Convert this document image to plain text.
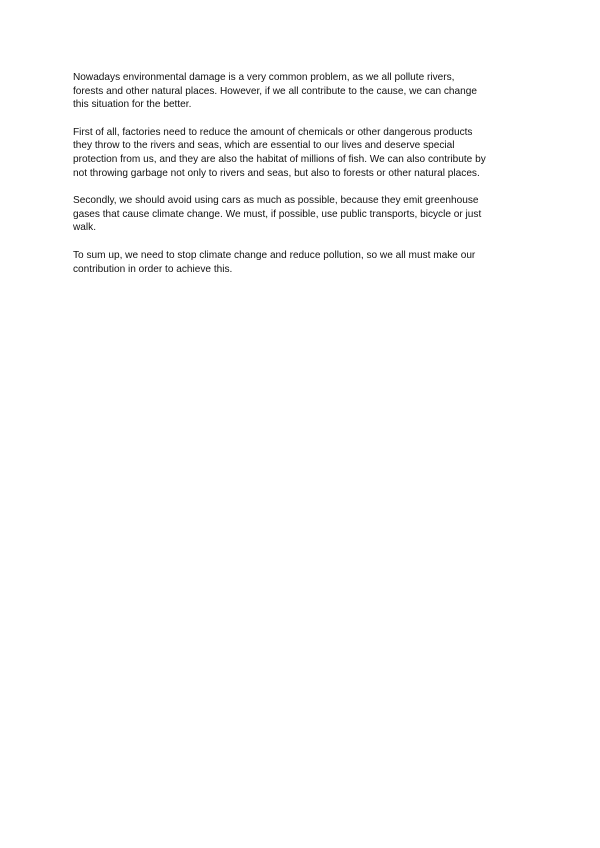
Nowadays environmental damage is a very common problem, as we all pollute rivers,
forests and other natural places. However, if we all contribute to the cause, we can change
this situation for the better.

First of all, factories need to reduce the amount of chemicals or other dangerous products
they throw to the rivers and seas, which are essential to our lives and deserve special
protection from us, and they are also the habitat of millions of fish. We can also contribute by
not throwing garbage not only to rivers and seas, but also to forests or other natural places.

Secondly, we should avoid using cars as much as possible, because they emit greenhouse
gases that cause climate change. We must, if possible, use public transports, bicycle or just
walk.

To sum up, we need to stop climate change and reduce pollution, so we all must make our
contribution in order to achieve this.
